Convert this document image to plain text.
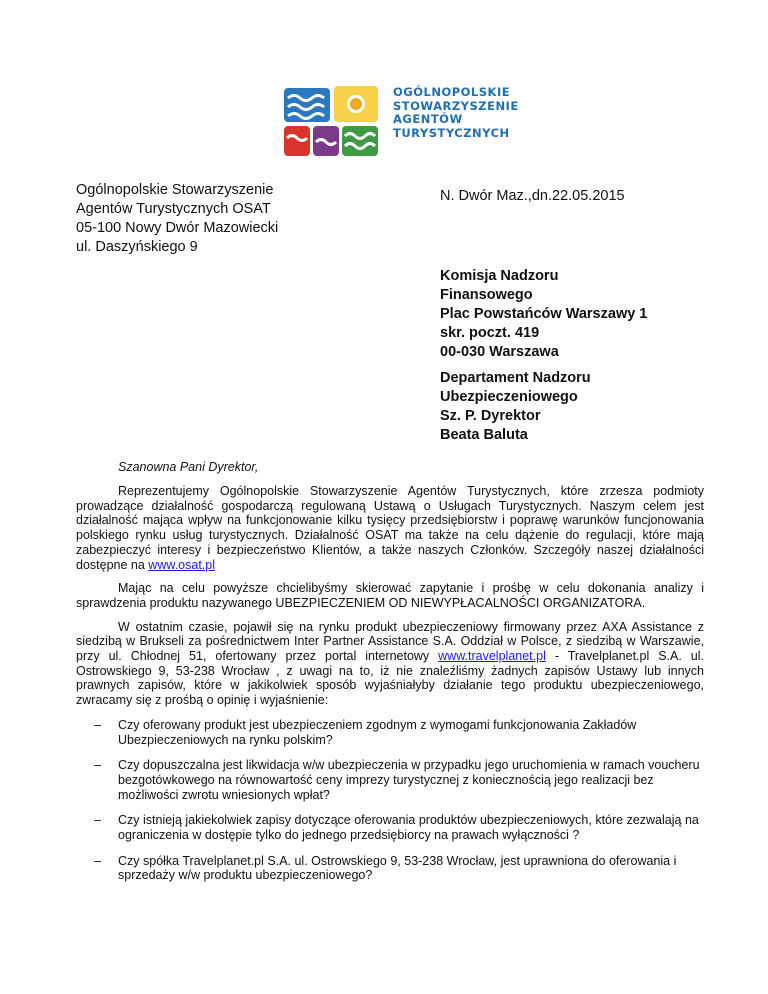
OGÓLNOPOLSKIE
STOWARZYSZENIE
AGENTÓW
TURYSTYCZNYCH
Ogólnopolskie Stowarzyszenie
Agentów Turystycznych OSAT
05-100 Nowy Dwór Mazowiecki
ul. Daszyńskiego 9
N. Dwór Maz.,dn.22.05.2015
Komisja Nadzoru
Finansowego
Plac Powstańców Warszawy 1
skr. poczt. 419
00-030 Warszawa
Departament Nadzoru
Ubezpieczeniowego
Sz. P. Dyrektor
Beata Baluta
Szanowna Pani Dyrektor,

Reprezentujemy Ogólnopolskie Stowarzyszenie Agentów Turystycznych, które zrzesza podmioty prowadzące działalność gospodarczą regulowaną Ustawą o Usługach Turystycznych. Naszym celem jest działalność mająca wpływ na funkcjonowanie kilku tysięcy przedsiębiorstw i poprawę warunków funcjonowania polskiego rynku usług turystycznych. Działalność OSAT ma także na celu dążenie do regulacji, które mają zabezpieczyć interesy i bezpieczeństwo Klientów, a także naszych Członków. Szczegóły naszej działalności dostępne na www.osat.pl

Mając na celu powyższe chcielibyśmy skierować zapytanie i prośbę w celu dokonania analizy i sprawdzenia produktu nazywanego UBEZPIECZENIEM OD NIEWYPŁACALNOŚCI ORGANIZATORA.

W ostatnim czasie, pojawił się na rynku produkt ubezpieczeniowy firmowany przez AXA Assistance z siedzibą w Brukseli za pośrednictwem Inter Partner Assistance S.A. Oddział w Polsce, z siedzibą w Warszawie, przy ul. Chłodnej 51, ofertowany przez portal internetowy www.travelplanet.pl - Travelplanet.pl S.A. ul. Ostrowskiego 9, 53-238 Wrocław , z uwagi na to, iż nie znaleźliśmy żadnych zapisów Ustawy lub innych prawnych zapisów, które w jakikolwiek sposób wyjaśniałyby działanie tego produktu ubezpieczeniowego, zwracamy się z prośbą o opinię i wyjaśnienie:

– Czy oferowany produkt jest ubezpieczeniem zgodnym z wymogami funkcjonowania Zakładów Ubezpieczeniowych na rynku polskim?
– Czy dopuszczalna jest likwidacja w/w ubezpieczenia w przypadku jego uruchomienia w ramach voucheru bezgotówkowego na równowartość ceny imprezy turystycznej z koniecznością jego realizacji bez możliwości zwrotu wniesionych wpłat?
– Czy istnieją jakiekolwiek zapisy dotyczące oferowania produktów ubezpieczeniowych, które zezwalają na ograniczenia w dostępie tylko do jednego przedsiębiorcy na prawach wyłączności ?
– Czy spółka Travelplanet.pl S.A. ul. Ostrowskiego 9, 53-238 Wrocław, jest uprawniona do oferowania i sprzedaży w/w produktu ubezpieczeniowego?
